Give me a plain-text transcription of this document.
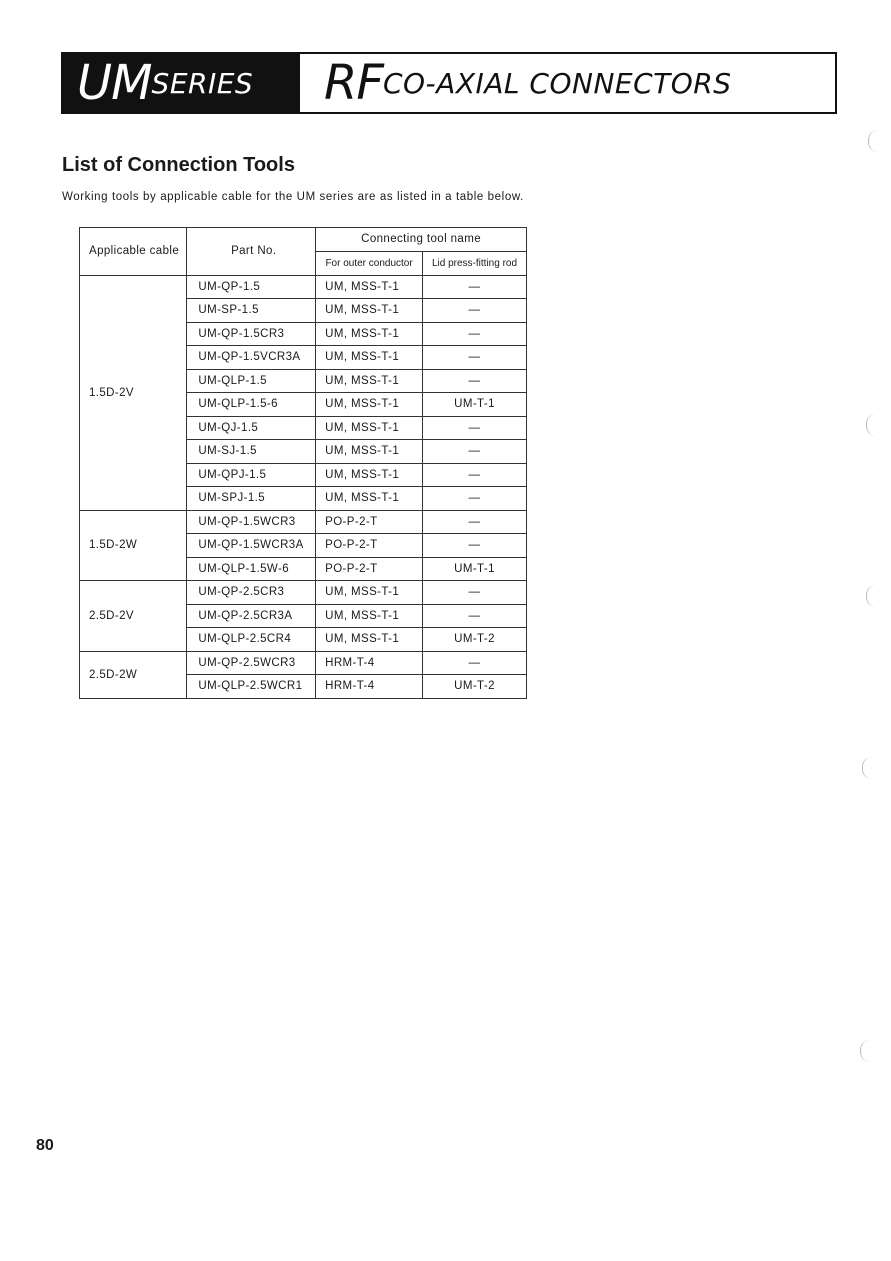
UM SERIES RF CO-AXIAL CONNECTORS
List of Connection Tools

Working tools by applicable cable for the UM series are as listed in a table below.

Applicable cable	Part No.	Connecting tool name	
		For outer conductor	Lid press-fitting rod
1.5D-2V	UM-QP-1.5	UM, MSS-T-1	—
	UM-SP-1.5	UM, MSS-T-1	—
	UM-QP-1.5CR3	UM, MSS-T-1	—
	UM-QP-1.5VCR3A	UM, MSS-T-1	—
	UM-QLP-1.5	UM, MSS-T-1	—
	UM-QLP-1.5-6	UM, MSS-T-1	UM-T-1
	UM-QJ-1.5	UM, MSS-T-1	—
	UM-SJ-1.5	UM, MSS-T-1	—
	UM-QPJ-1.5	UM, MSS-T-1	—
	UM-SPJ-1.5	UM, MSS-T-1	—
1.5D-2W	UM-QP-1.5WCR3	PO-P-2-T	—
	UM-QP-1.5WCR3A	PO-P-2-T	—
	UM-QLP-1.5W-6	PO-P-2-T	UM-T-1
2.5D-2V	UM-QP-2.5CR3	UM, MSS-T-1	—
	UM-QP-2.5CR3A	UM, MSS-T-1	—
	UM-QLP-2.5CR4	UM, MSS-T-1	UM-T-2
2.5D-2W	UM-QP-2.5WCR3	HRM-T-4	—
	UM-QLP-2.5WCR1	HRM-T-4	UM-T-2
80
